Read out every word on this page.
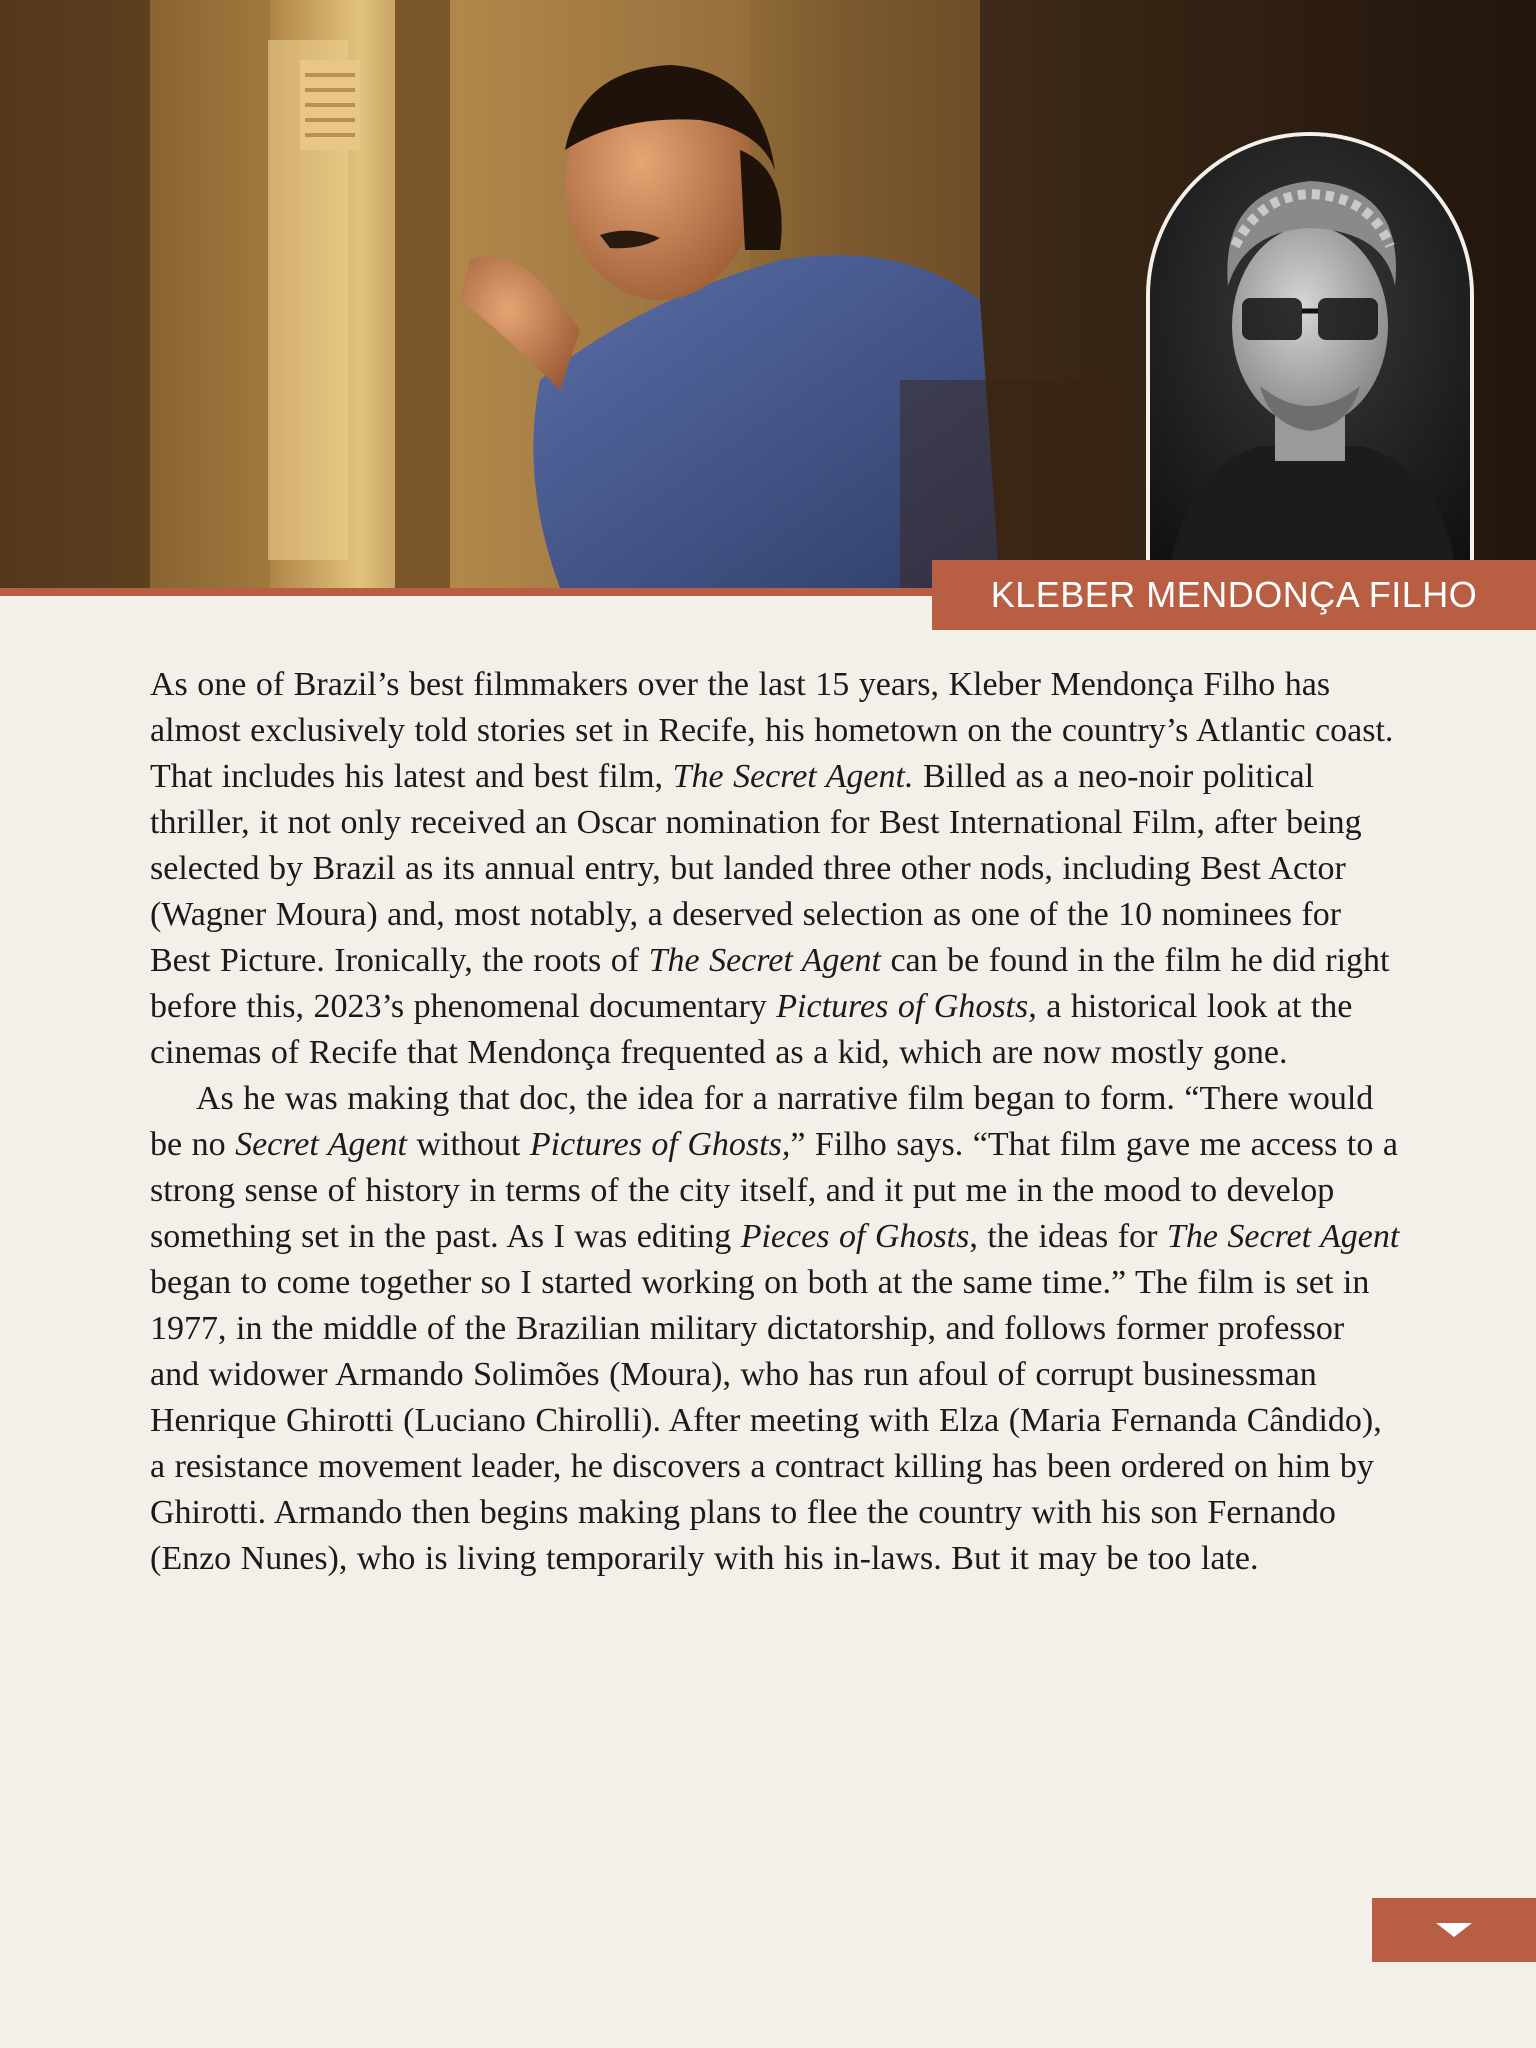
KLEBER MENDONÇA FILHO

As one of Brazil’s best filmmakers over the last 15 years, Kleber Mendonça Filho has almost exclusively told stories set in Recife, his hometown on the country’s Atlantic coast. That includes his latest and best film, The Secret Agent. Billed as a neo-noir political thriller, it not only received an Oscar nomination for Best International Film, after being selected by Brazil as its annual entry, but landed three other nods, including Best Actor (Wagner Moura) and, most notably, a deserved selection as one of the 10 nominees for Best Picture. Ironically, the roots of The Secret Agent can be found in the film he did right before this, 2023’s phenomenal documentary Pictures of Ghosts, a historical look at the cinemas of Recife that Mendonça frequented as a kid, which are now mostly gone.

As he was making that doc, the idea for a narrative film began to form. “There would be no Secret Agent without Pictures of Ghosts,” Filho says. “That film gave me access to a strong sense of history in terms of the city itself, and it put me in the mood to develop something set in the past. As I was editing Pieces of Ghosts, the ideas for The Secret Agent began to come together so I started working on both at the same time.” The film is set in 1977, in the middle of the Brazilian military dictatorship, and follows former professor and widower Armando Solimões (Moura), who has run afoul of corrupt businessman Henrique Ghirotti (Luciano Chirolli). After meeting with Elza (Maria Fernanda Cândido), a resistance movement leader, he discovers a contract killing has been ordered on him by Ghirotti. Armando then begins making plans to flee the country with his son Fernando (Enzo Nunes), who is living temporarily with his in-laws. But it may be too late.
